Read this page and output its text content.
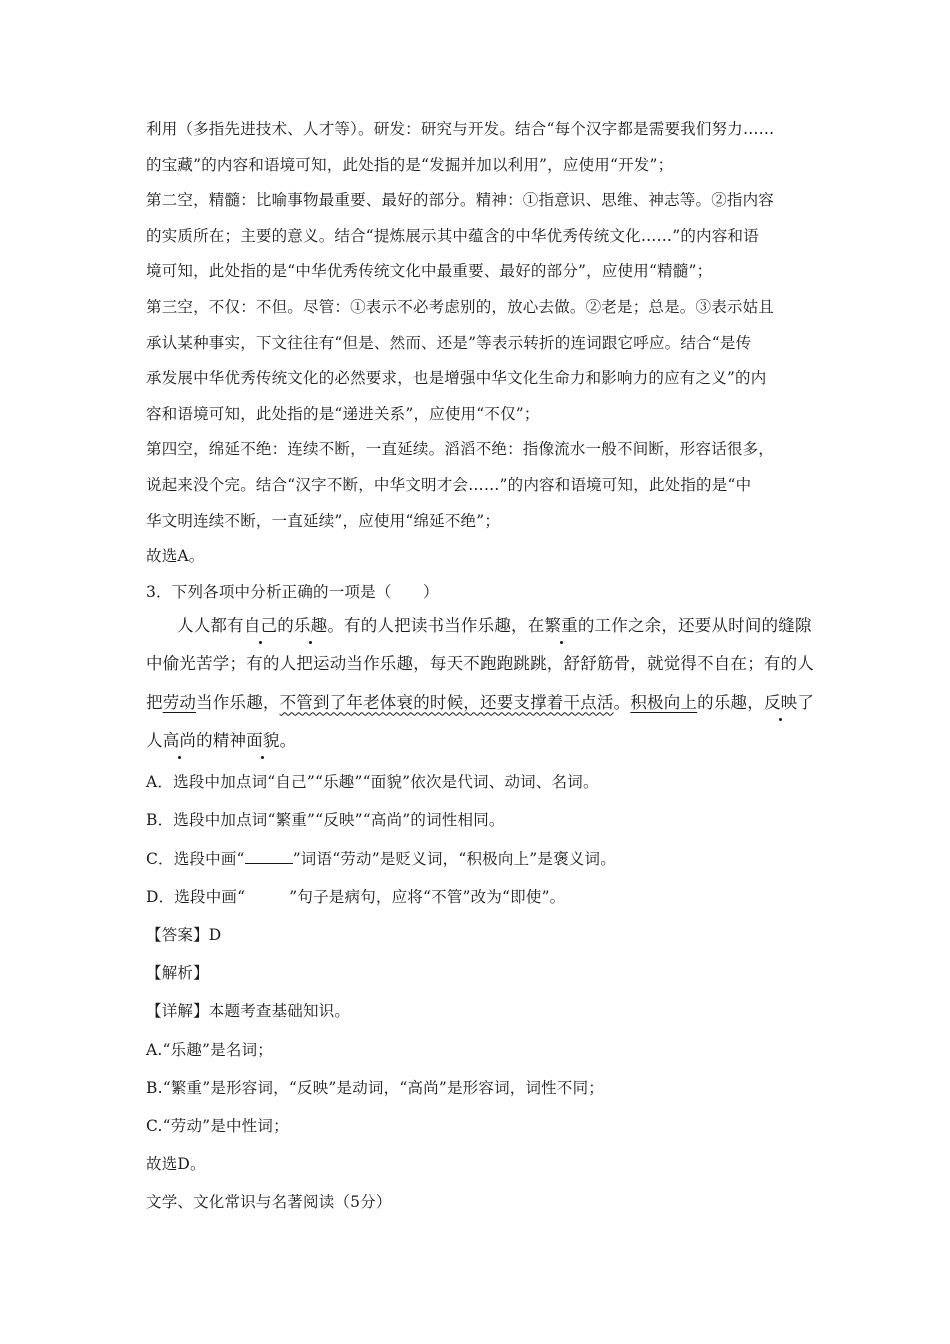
利用（多指先进技术、人才等）。研发：研究与开发。结合“每个汉字都是需要我们努力……
的宝藏”的内容和语境可知，此处指的是“发掘并加以利用”，应使用“开发”；
第二空，精髓：比喻事物最重要、最好的部分。精神：①指意识、思维、神志等。②指内容
的实质所在；主要的意义。结合“提炼展示其中蕴含的中华优秀传统文化……”的内容和语
境可知，此处指的是“中华优秀传统文化中最重要、最好的部分”，应使用“精髓”；
第三空，不仅：不但。尽管：①表示不必考虑别的，放心去做。②老是；总是。③表示姑且
承认某种事实，下文往往有“但是、然而、还是”等表示转折的连词跟它呼应。结合“是传
承发展中华优秀传统文化的必然要求，也是增强中华文化生命力和影响力的应有之义”的内
容和语境可知，此处指的是“递进关系”，应使用“不仅”；
第四空，绵延不绝：连续不断，一直延续。滔滔不绝：指像流水一般不间断，形容话很多，
说起来没个完。结合“汉字不断，中华文明才会……”的内容和语境可知，此处指的是“中
华文明连续不断，一直延续”，应使用“绵延不绝”；
故选A。
3．下列各项中分析正确的一项是（　　）
人人都有自己的乐趣。有的人把读书当作乐趣，在繁重的工作之余，还要从时间的缝隙
中偷光苦学；有的人把运动当作乐趣，每天不跑跑跳跳，舒舒筋骨，就觉得不自在；有的人
把劳动当作乐趣，不管到了年老体衰的时候，还要支撑着干点活。积极向上的乐趣，反映了
人高尚的精神面貌。
A．选段中加点词“自己”“乐趣”“面貌”依次是代词、动词、名词。
B．选段中加点词“繁重”“反映”“高尚”的词性相同。
C．选段中画“	”词语“劳动”是贬义词，“积极向上”是褒义词。
D．选段中画“	”句子是病句，应将“不管”改为“即使”。
【答案】D
【解析】
【详解】本题考查基础知识。
A.“乐趣”是名词；
B.“繁重”是形容词，“反映”是动词，“高尚”是形容词，词性不同；
C.“劳动”是中性词；
故选D。
文学、文化常识与名著阅读（5分）
